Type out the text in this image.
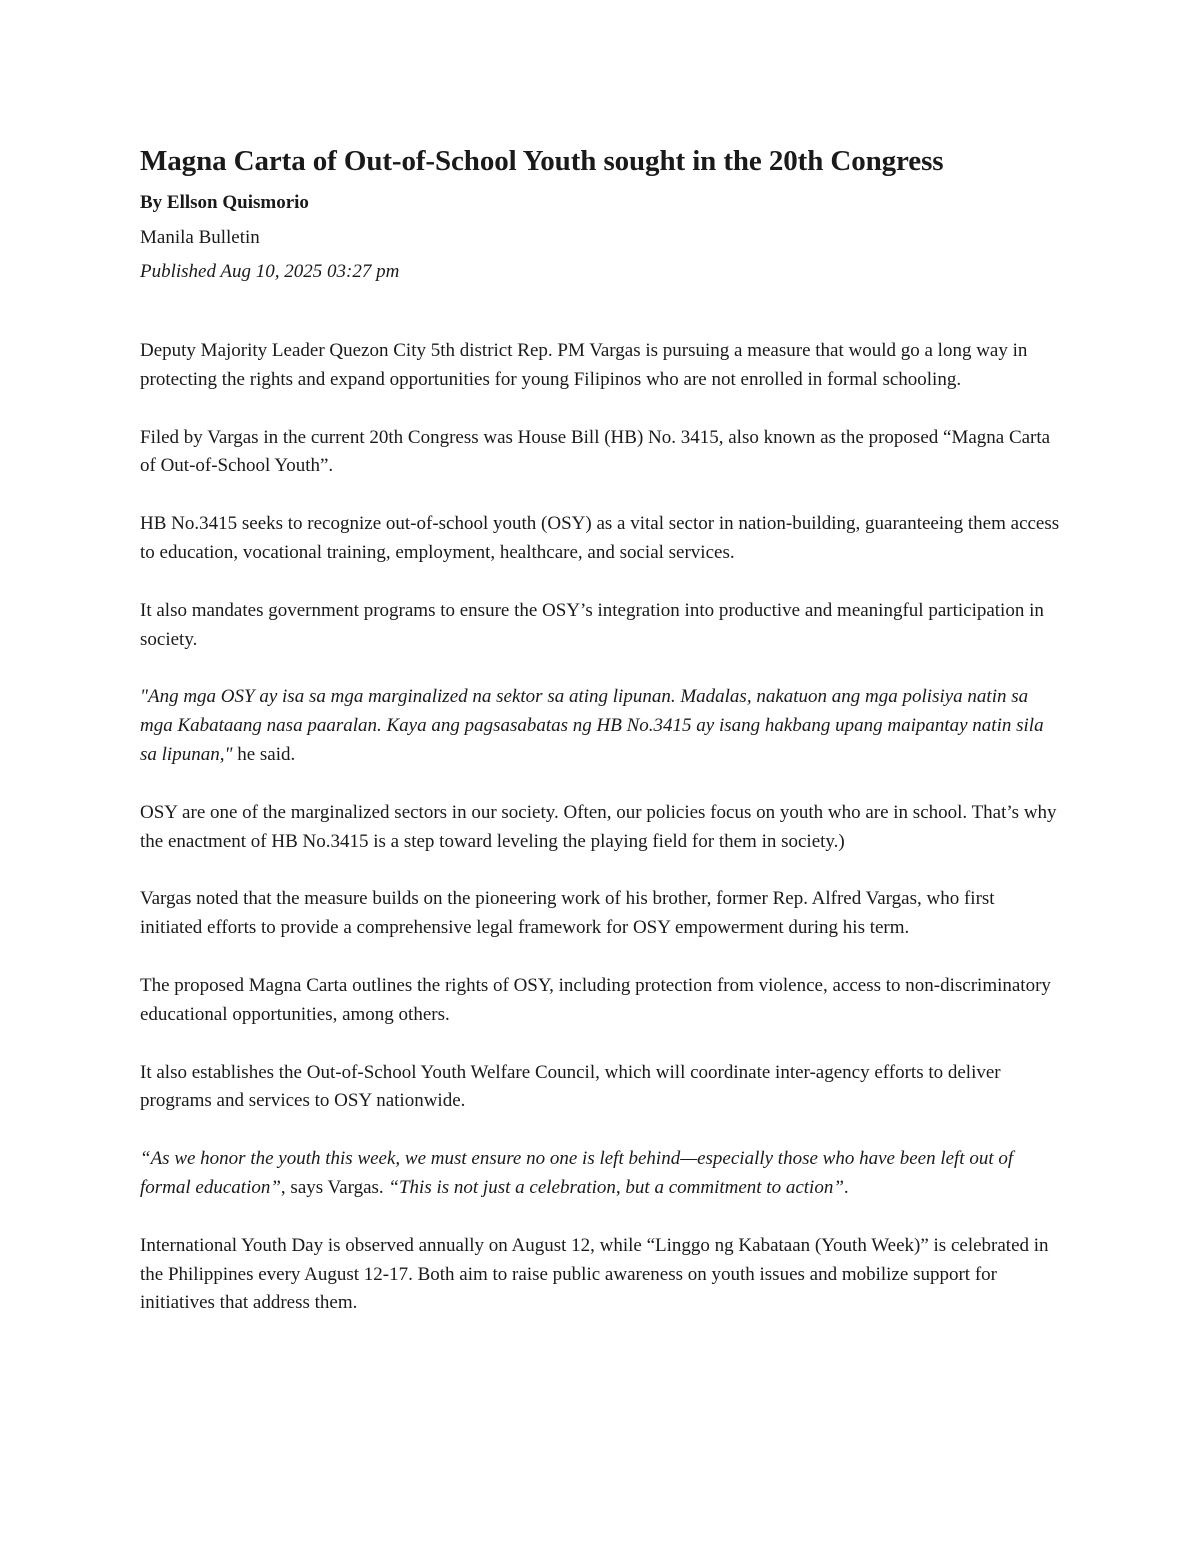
Magna Carta of Out-of-School Youth sought in the 20th Congress
By Ellson Quismorio
Manila Bulletin
Published Aug 10, 2025 03:27 pm

Deputy Majority Leader Quezon City 5th district Rep. PM Vargas is pursuing a measure that would go a long way in protecting the rights and expand opportunities for young Filipinos who are not enrolled in formal schooling.

Filed by Vargas in the current 20th Congress was House Bill (HB) No. 3415, also known as the proposed “Magna Carta of Out-of-School Youth”.

HB No.3415 seeks to recognize out-of-school youth (OSY) as a vital sector in nation-building, guaranteeing them access to education, vocational training, employment, healthcare, and social services.

It also mandates government programs to ensure the OSY’s integration into productive and meaningful participation in society.

"Ang mga OSY ay isa sa mga marginalized na sektor sa ating lipunan. Madalas, nakatuon ang mga polisiya natin sa mga Kabataang nasa paaralan. Kaya ang pagsasabatas ng HB No.3415 ay isang hakbang upang maipantay natin sila sa lipunan," he said.

OSY are one of the marginalized sectors in our society. Often, our policies focus on youth who are in school. That’s why the enactment of HB No.3415 is a step toward leveling the playing field for them in society.)

Vargas noted that the measure builds on the pioneering work of his brother, former Rep. Alfred Vargas, who first initiated efforts to provide a comprehensive legal framework for OSY empowerment during his term.

The proposed Magna Carta outlines the rights of OSY, including protection from violence, access to non-discriminatory educational opportunities, among others.

It also establishes the Out-of-School Youth Welfare Council, which will coordinate inter-agency efforts to deliver programs and services to OSY nationwide.

“As we honor the youth this week, we must ensure no one is left behind—especially those who have been left out of formal education”, says Vargas. “This is not just a celebration, but a commitment to action”.

International Youth Day is observed annually on August 12, while “Linggo ng Kabataan (Youth Week)” is celebrated in the Philippines every August 12-17. Both aim to raise public awareness on youth issues and mobilize support for initiatives that address them.
